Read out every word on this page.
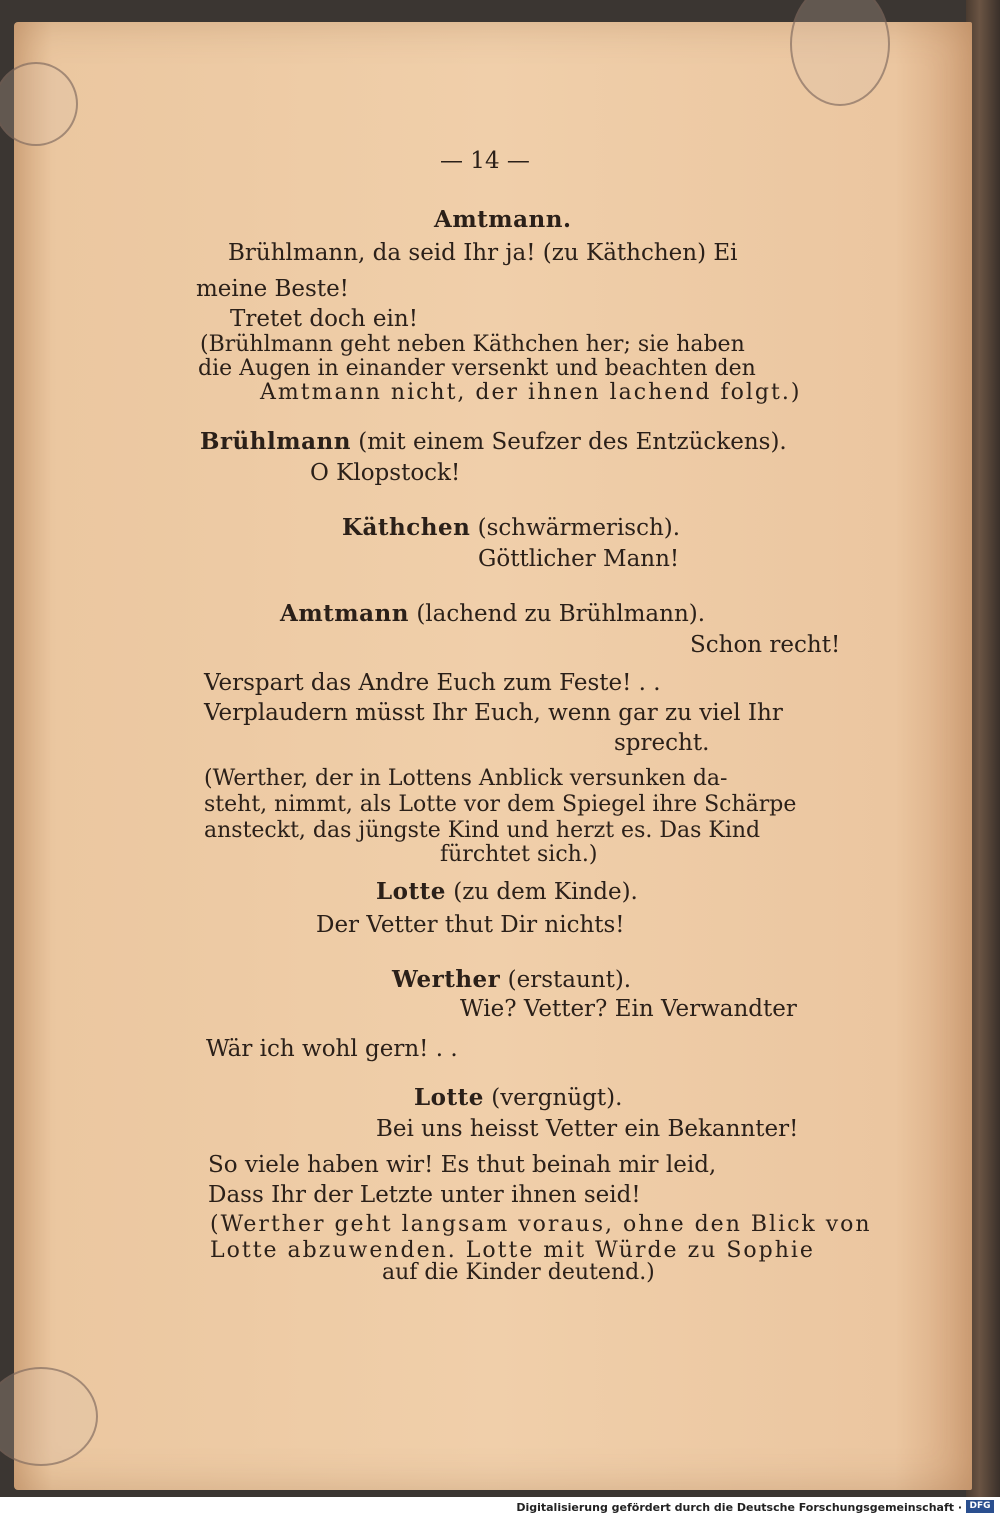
— 14 —
Amtmann.
Brühlmann, da seid Ihr ja! (zu Käthchen) Ei
meine Beste!
Tretet doch ein!
(Brühlmann geht neben Käthchen her; sie haben
die Augen in einander versenkt und beachten den
Amtmann nicht, der ihnen lachend folgt.)
Brühlmann (mit einem Seufzer des Entzückens).
O Klopstock!
Käthchen (schwärmerisch).
Göttlicher Mann!
Amtmann (lachend zu Brühlmann).
Schon recht!
Verspart das Andre Euch zum Feste! . .
Verplaudern müsst Ihr Euch, wenn gar zu viel Ihr
sprecht.
(Werther, der in Lottens Anblick versunken da-
steht, nimmt, als Lotte vor dem Spiegel ihre Schärpe
ansteckt, das jüngste Kind und herzt es. Das Kind
fürchtet sich.)
Lotte (zu dem Kinde).
Der Vetter thut Dir nichts!
Werther (erstaunt).
Wie? Vetter? Ein Verwandter
Wär ich wohl gern! . .
Lotte (vergnügt).
Bei uns heisst Vetter ein Bekannter!
So viele haben wir! Es thut beinah mir leid,
Dass Ihr der Letzte unter ihnen seid!
(Werther geht langsam voraus, ohne den Blick von
Lotte abzuwenden. Lotte mit Würde zu Sophie
auf die Kinder deutend.)
Digitalisierung gefördert durch die Deutsche Forschungsgemeinschaft · DFG
